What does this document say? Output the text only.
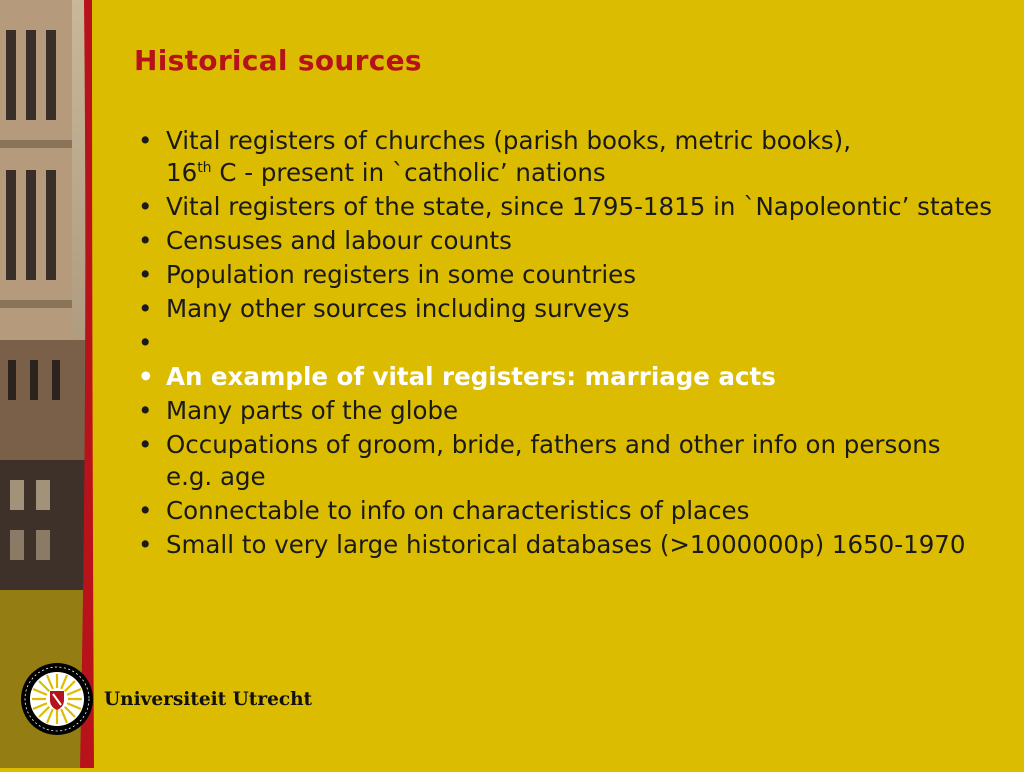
Historical sources
• Vital registers of churches (parish books, metric books),
16th C - present in `catholic’ nations
• Vital registers of the state, since 1795-1815 in `Napoleontic’ states
• Censuses and labour counts
• Population registers in some countries
• Many other sources including surveys
•
• An example of vital registers: marriage acts
• Many parts of the globe
• Occupations of groom, bride, fathers and other info on persons e.g. age
• Connectable to info on characteristics of places
• Small to very large historical databases (>1000000p) 1650-1970
Universiteit Utrecht
